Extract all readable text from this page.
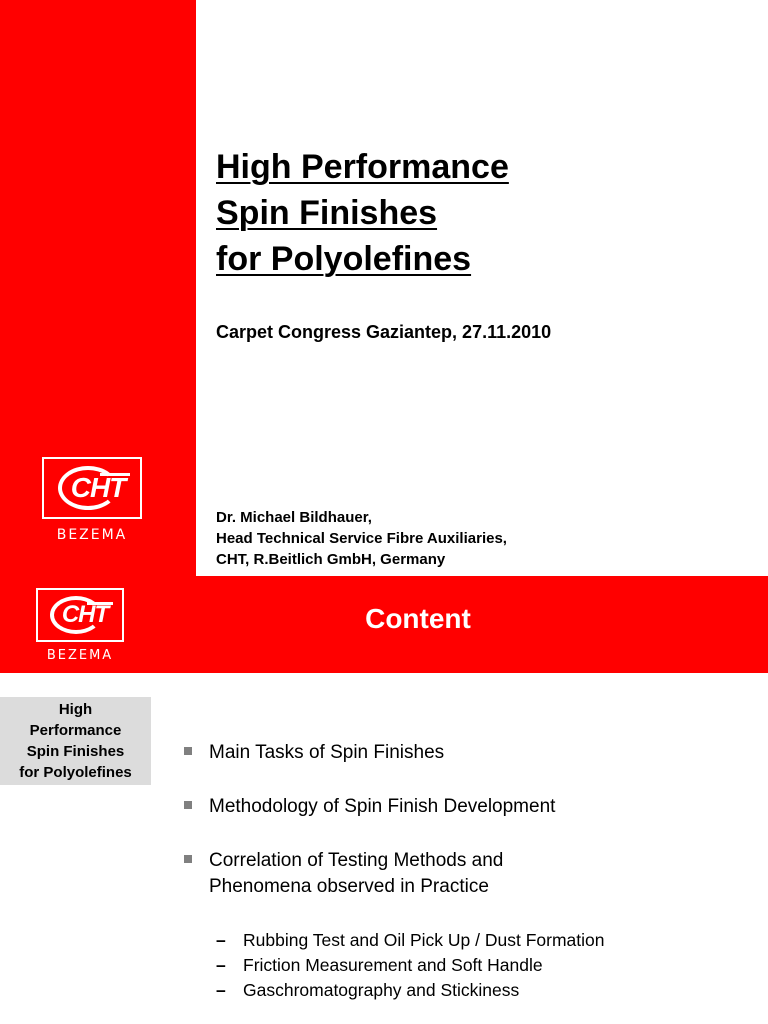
CHT
BEZEMA
High Performance
Spin Finishes
for Polyolefines

Carpet Congress Gaziantep, 27.11.2010

Dr. Michael Bildhauer,
Head Technical Service Fibre Auxiliaries,
CHT, R.Beitlich GmbH, Germany
CHT
BEZEMA
Content
High
Performance
Spin Finishes
for Polyolefines
Main Tasks of Spin Finishes
Methodology of Spin Finish Development
Correlation of Testing Methods and
Phenomena observed in Practice
– Rubbing Test and Oil Pick Up / Dust Formation
– Friction Measurement and Soft Handle
– Gaschromatography and Stickiness
